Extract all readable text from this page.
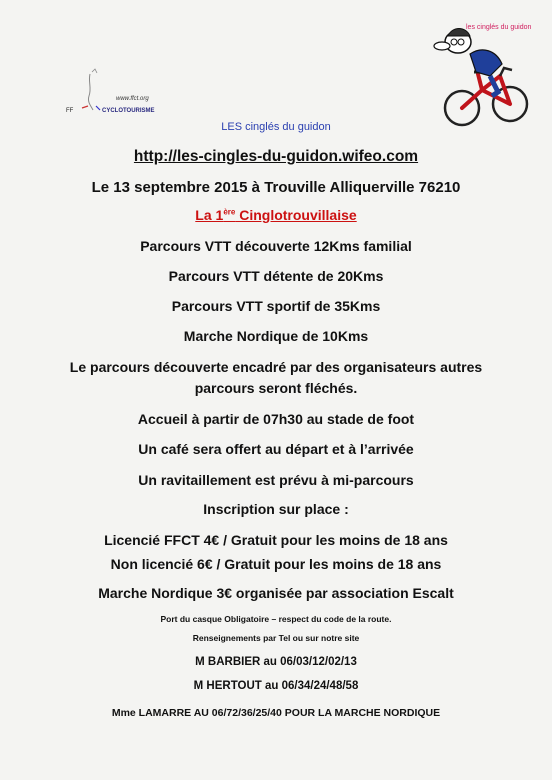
www.ffct.org
FF	CYCLOTOURISME
les cinglés du guidon
LES cinglés du guidon
http://les-cingles-du-guidon.wifeo.com
Le 13 septembre 2015 à Trouville Alliquerville 76210
La 1ère Cinglotrouvillaise
Parcours VTT découverte 12Kms familial
Parcours VTT détente de 20Kms
Parcours VTT sportif de 35Kms
Marche Nordique de 10Kms
Le parcours découverte encadré par des organisateurs autres
parcours seront fléchés.
Accueil à partir de 07h30 au stade de foot
Un café sera offert au départ et à l’arrivée
Un ravitaillement est prévu à mi-parcours
Inscription sur place :
Licencié FFCT 4€ / Gratuit pour les moins de 18 ans
Non licencié 6€ / Gratuit pour les moins de 18 ans
Marche Nordique 3€ organisée par association Escalt
Port du casque Obligatoire – respect du code de la route.
Renseignements par Tel ou sur notre site
M BARBIER au 06/03/12/02/13
M HERTOUT au 06/34/24/48/58
Mme LAMARRE AU 06/72/36/25/40 POUR LA MARCHE NORDIQUE
